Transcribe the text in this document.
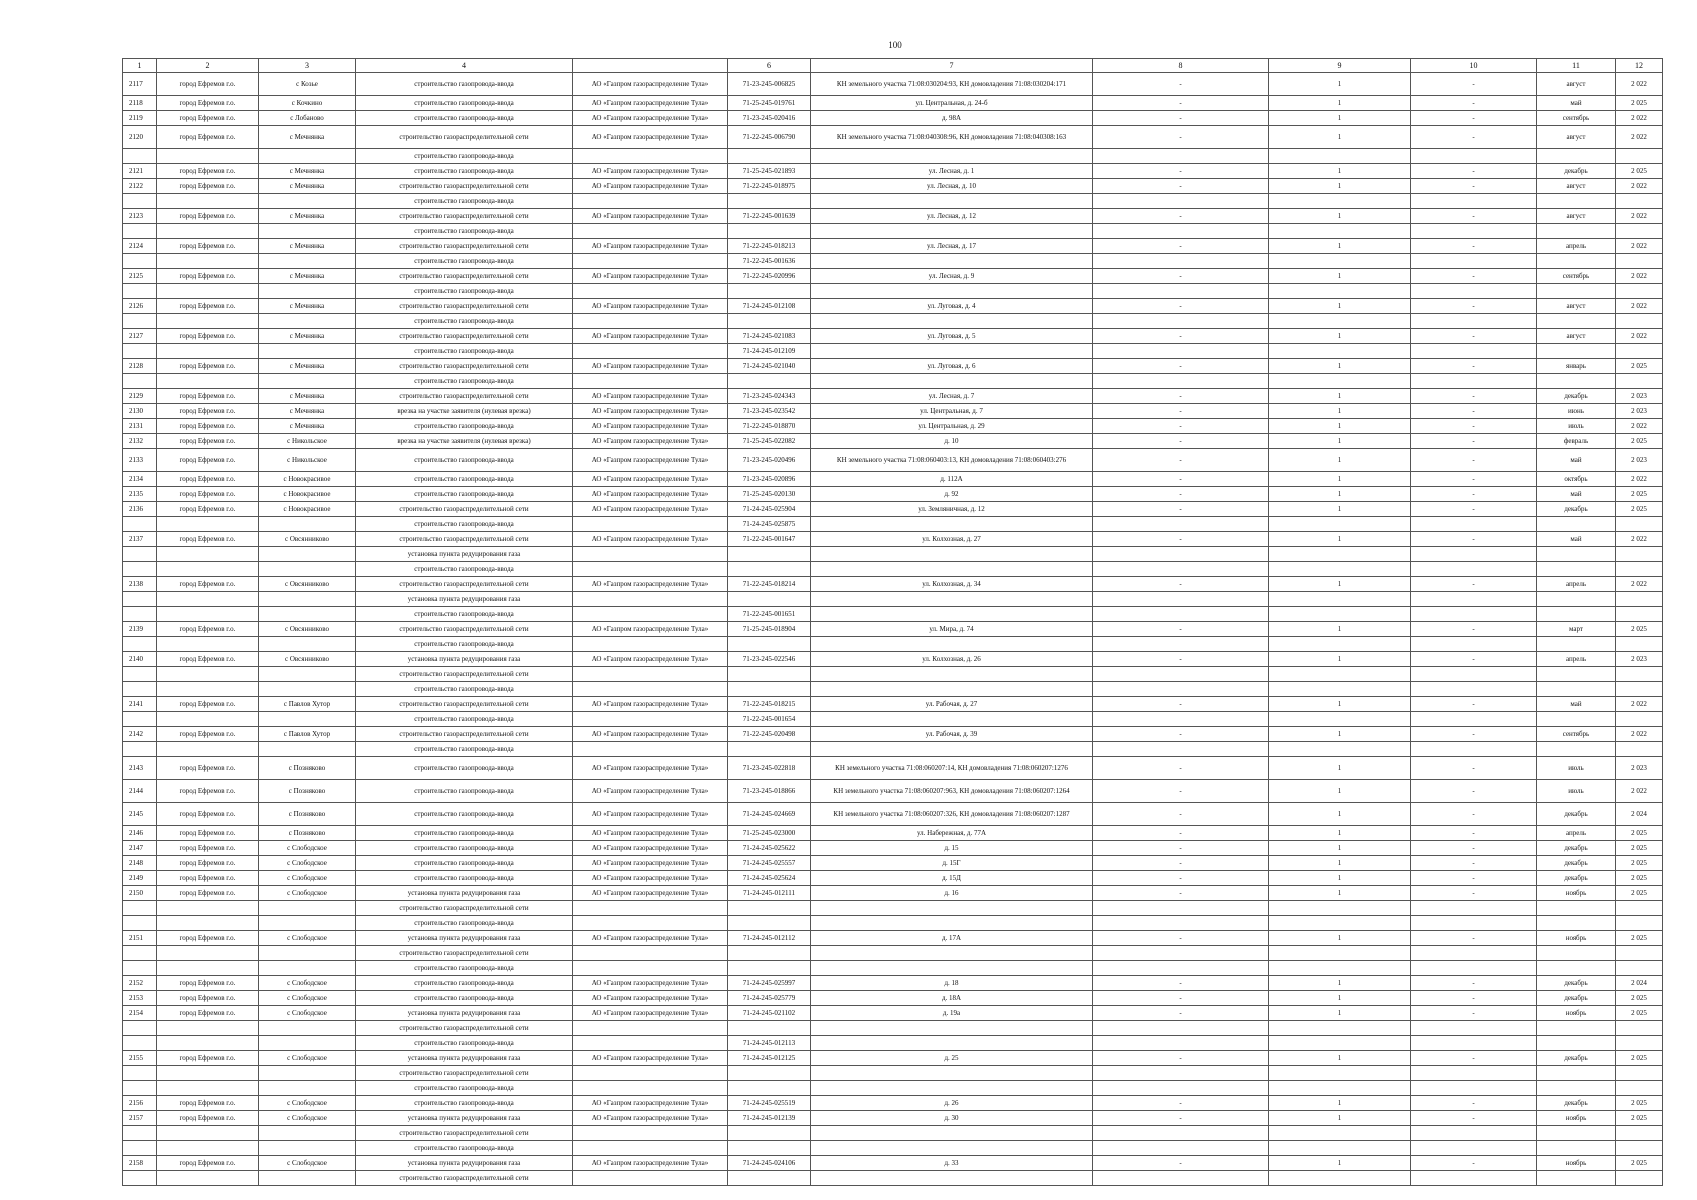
100
1	2	3	4		6	7	8	9	10	11	12
2117	город Ефремов г.о.	с Козье	строительство газопровода-ввода	АО «Газпром газораспределение Тула»	71-23-245-006825	КН земельного участка 71:08:030204:93, КН домовладения 71:08:030204:171	-	1	-	август	2 022
2118	город Ефремов г.о.	с Кочкино	строительство газопровода-ввода	АО «Газпром газораспределение Тула»	71-25-245-019761	ул. Центральная, д. 24-б	-	1	-	май	2 025
2119	город Ефремов г.о.	с Лобаново	строительство газопровода-ввода	АО «Газпром газораспределение Тула»	71-23-245-020416	д. 98А	-	1	-	сентябрь	2 022
2120	город Ефремов г.о.	с Мечнянка	строительство газораспределительной сети	АО «Газпром газораспределение Тула»	71-22-245-006790	КН земельного участка 71:08:040308:96, КН домовладения 71:08:040308:163	-	1	-	август	2 022
			строительство газопровода-ввода								
2121	город Ефремов г.о.	с Мечнянка	строительство газопровода-ввода	АО «Газпром газораспределение Тула»	71-25-245-021893	ул. Лесная, д. 1	-	1	-	декабрь	2 025
2122	город Ефремов г.о.	с Мечнянка	строительство газораспределительной сети	АО «Газпром газораспределение Тула»	71-22-245-018975	ул. Лесная, д. 10	-	1	-	август	2 022
			строительство газопровода-ввода								
2123	город Ефремов г.о.	с Мечнянка	строительство газораспределительной сети	АО «Газпром газораспределение Тула»	71-22-245-001639	ул. Лесная, д. 12	-	1	-	август	2 022
			строительство газопровода-ввода								
2124	город Ефремов г.о.	с Мечнянка	строительство газораспределительной сети	АО «Газпром газораспределение Тула»	71-22-245-018213	ул. Лесная, д. 17	-	1	-	апрель	2 022
			строительство газопровода-ввода		71-22-245-001636						
2125	город Ефремов г.о.	с Мечнянка	строительство газораспределительной сети	АО «Газпром газораспределение Тула»	71-22-245-020996	ул. Лесная, д. 9	-	1	-	сентябрь	2 022
			строительство газопровода-ввода								
2126	город Ефремов г.о.	с Мечнянка	строительство газораспределительной сети	АО «Газпром газораспределение Тула»	71-24-245-012108	ул. Луговая, д. 4	-	1	-	август	2 022
			строительство газопровода-ввода								
2127	город Ефремов г.о.	с Мечнянка	строительство газораспределительной сети	АО «Газпром газораспределение Тула»	71-24-245-021083	ул. Луговая, д. 5	-	1	-	август	2 022
			строительство газопровода-ввода		71-24-245-012109						
2128	город Ефремов г.о.	с Мечнянка	строительство газораспределительной сети	АО «Газпром газораспределение Тула»	71-24-245-021040	ул. Луговая, д. 6	-	1	-	январь	2 025
			строительство газопровода-ввода								
2129	город Ефремов г.о.	с Мечнянка	строительство газораспределительной сети	АО «Газпром газораспределение Тула»	71-23-245-024343	ул. Лесная, д. 7	-	1	-	декабрь	2 023
2130	город Ефремов г.о.	с Мечнянка	врезка на участке заявителя (нулевая врезка)	АО «Газпром газораспределение Тула»	71-23-245-023542	ул. Центральная, д. 7	-	1	-	июнь	2 023
2131	город Ефремов г.о.	с Мечнянка	строительство газопровода-ввода	АО «Газпром газораспределение Тула»	71-22-245-018870	ул. Центральная, д. 29	-	1	-	июль	2 022
2132	город Ефремов г.о.	с Никольское	врезка на участке заявителя (нулевая врезка)	АО «Газпром газораспределение Тула»	71-25-245-022082	д. 10	-	1	-	февраль	2 025
2133	город Ефремов г.о.	с Никольское	строительство газопровода-ввода	АО «Газпром газораспределение Тула»	71-23-245-020496	КН земельного участка 71:08:060403:13, КН домовладения 71:08:060403:276	-	1	-	май	2 023
2134	город Ефремов г.о.	с Новокрасивое	строительство газопровода-ввода	АО «Газпром газораспределение Тула»	71-23-245-020896	д. 112А	-	1	-	октябрь	2 022
2135	город Ефремов г.о.	с Новокрасивое	строительство газопровода-ввода	АО «Газпром газораспределение Тула»	71-25-245-020130	д. 92	-	1	-	май	2 025
2136	город Ефремов г.о.	с Новокрасивое	строительство газораспределительной сети	АО «Газпром газораспределение Тула»	71-24-245-025904	ул. Земляничная, д. 12	-	1	-	декабрь	2 025
			строительство газопровода-ввода		71-24-245-025875						
2137	город Ефремов г.о.	с Овсянниково	строительство газораспределительной сети	АО «Газпром газораспределение Тула»	71-22-245-001647	ул. Колхозная, д. 27	-	1	-	май	2 022
			установка пункта редуцирования газа								
			строительство газопровода-ввода								
2138	город Ефремов г.о.	с Овсянниково	строительство газораспределительной сети	АО «Газпром газораспределение Тула»	71-22-245-018214	ул. Колхозная, д. 34	-	1	-	апрель	2 022
			установка пункта редуцирования газа								
			строительство газопровода-ввода		71-22-245-001651						
2139	город Ефремов г.о.	с Овсянниково	строительство газораспределительной сети	АО «Газпром газораспределение Тула»	71-25-245-018904	ул. Мира, д. 74	-	1	-	март	2 025
			строительство газопровода-ввода								
2140	город Ефремов г.о.	с Овсянниково	установка пункта редуцирования газа	АО «Газпром газораспределение Тула»	71-23-245-022546	ул. Колхозная, д. 26	-	1	-	апрель	2 023
			строительство газораспределительной сети								
			строительство газопровода-ввода								
2141	город Ефремов г.о.	с Павлов Хутор	строительство газораспределительной сети	АО «Газпром газораспределение Тула»	71-22-245-018215	ул. Рабочая, д. 27	-	1	-	май	2 022
			строительство газопровода-ввода		71-22-245-001654						
2142	город Ефремов г.о.	с Павлов Хутор	строительство газораспределительной сети	АО «Газпром газораспределение Тула»	71-22-245-020498	ул. Рабочая, д. 39	-	1	-	сентябрь	2 022
			строительство газопровода-ввода								
2143	город Ефремов г.о.	с Позняково	строительство газопровода-ввода	АО «Газпром газораспределение Тула»	71-23-245-022818	КН земельного участка 71:08:060207:14, КН домовладения 71:08:060207:1276	-	1	-	июль	2 023
2144	город Ефремов г.о.	с Позняково	строительство газопровода-ввода	АО «Газпром газораспределение Тула»	71-23-245-018866	КН земельного участка 71:08:060207:963, КН домовладения 71:08:060207:1264	-	1	-	июль	2 022
2145	город Ефремов г.о.	с Позняково	строительство газопровода-ввода	АО «Газпром газораспределение Тула»	71-24-245-024669	КН земельного участка 71:08:060207:326, КН домовладения 71:08:060207:1287	-	1	-	декабрь	2 024
2146	город Ефремов г.о.	с Позняково	строительство газопровода-ввода	АО «Газпром газораспределение Тула»	71-25-245-023000	ул. Набережная, д. 77А	-	1	-	апрель	2 025
2147	город Ефремов г.о.	с Слободское	строительство газопровода-ввода	АО «Газпром газораспределение Тула»	71-24-245-025622	д. 15	-	1	-	декабрь	2 025
2148	город Ефремов г.о.	с Слободское	строительство газопровода-ввода	АО «Газпром газораспределение Тула»	71-24-245-025557	д. 15Г	-	1	-	декабрь	2 025
2149	город Ефремов г.о.	с Слободское	строительство газопровода-ввода	АО «Газпром газораспределение Тула»	71-24-245-025624	д. 15Д	-	1	-	декабрь	2 025
2150	город Ефремов г.о.	с Слободское	установка пункта редуцирования газа	АО «Газпром газораспределение Тула»	71-24-245-012111	д. 16	-	1	-	ноябрь	2 025
			строительство газораспределительной сети								
			строительство газопровода-ввода								
2151	город Ефремов г.о.	с Слободское	установка пункта редуцирования газа	АО «Газпром газораспределение Тула»	71-24-245-012112	д. 17А	-	1	-	ноябрь	2 025
			строительство газораспределительной сети								
			строительство газопровода-ввода								
2152	город Ефремов г.о.	с Слободское	строительство газопровода-ввода	АО «Газпром газораспределение Тула»	71-24-245-025997	д. 18	-	1	-	декабрь	2 024
2153	город Ефремов г.о.	с Слободское	строительство газопровода-ввода	АО «Газпром газораспределение Тула»	71-24-245-025779	д. 18А	-	1	-	декабрь	2 025
2154	город Ефремов г.о.	с Слободское	установка пункта редуцирования газа	АО «Газпром газораспределение Тула»	71-24-245-021102	д. 19а	-	1	-	ноябрь	2 025
			строительство газораспределительной сети								
			строительство газопровода-ввода		71-24-245-012113						
2155	город Ефремов г.о.	с Слободское	установка пункта редуцирования газа	АО «Газпром газораспределение Тула»	71-24-245-012125	д. 25	-	1	-	декабрь	2 025
			строительство газораспределительной сети								
			строительство газопровода-ввода								
2156	город Ефремов г.о.	с Слободское	строительство газопровода-ввода	АО «Газпром газораспределение Тула»	71-24-245-025519	д. 26	-	1	-	декабрь	2 025
2157	город Ефремов г.о.	с Слободское	установка пункта редуцирования газа	АО «Газпром газораспределение Тула»	71-24-245-012139	д. 30	-	1	-	ноябрь	2 025
			строительство газораспределительной сети								
			строительство газопровода-ввода								
2158	город Ефремов г.о.	с Слободское	установка пункта редуцирования газа	АО «Газпром газораспределение Тула»	71-24-245-024106	д. 33	-	1	-	ноябрь	2 025
			строительство газораспределительной сети								
